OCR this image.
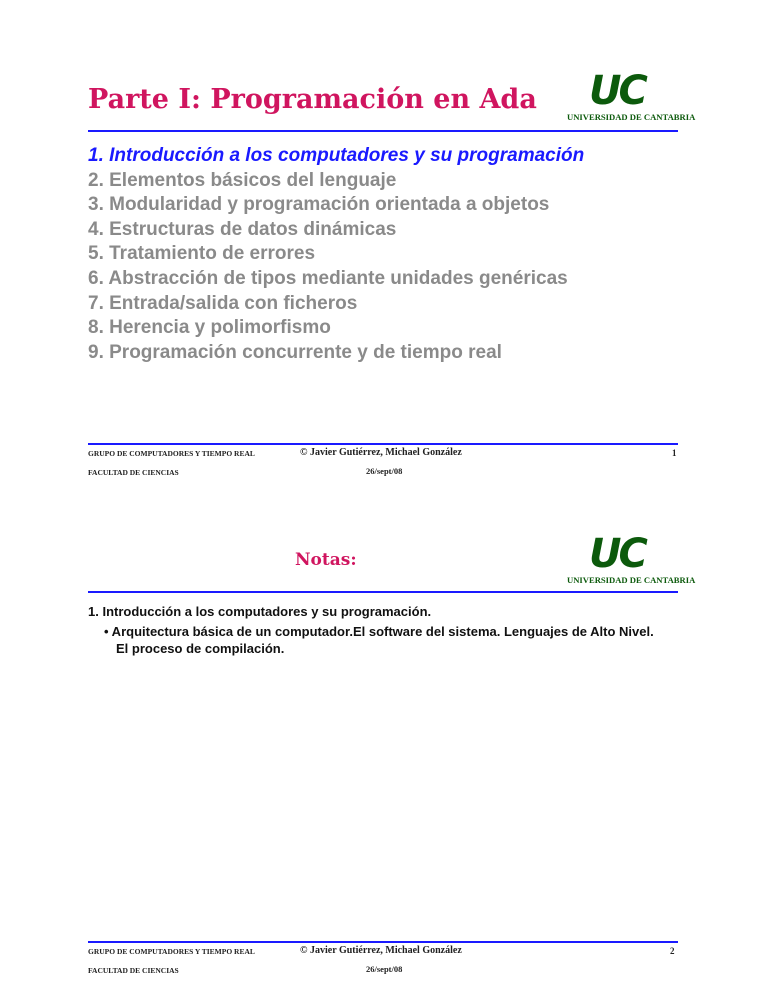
Parte I: Programación en Ada UC
UNIVERSIDAD DE CANTABRIA
1. Introducción a los computadores y su programación
2. Elementos básicos del lenguaje
3. Modularidad y programación orientada a objetos
4. Estructuras de datos dinámicas
5. Tratamiento de errores
6. Abstracción de tipos mediante unidades genéricas
7. Entrada/salida con ficheros
8. Herencia y polimorfismo
9. Programación concurrente y de tiempo real
GRUPO DE COMPUTADORES Y TIEMPO REAL
FACULTAD DE CIENCIAS
© Javier Gutiérrez, Michael González
26/sept/08
1
Notas:	UC
UNIVERSIDAD DE CANTABRIA
1. Introducción a los computadores y su programación.
• Arquitectura básica de un computador.El software del sistema. Lenguajes de Alto Nivel.
El proceso de compilación.
GRUPO DE COMPUTADORES Y TIEMPO REAL
FACULTAD DE CIENCIAS
© Javier Gutiérrez, Michael González
26/sept/08
2
